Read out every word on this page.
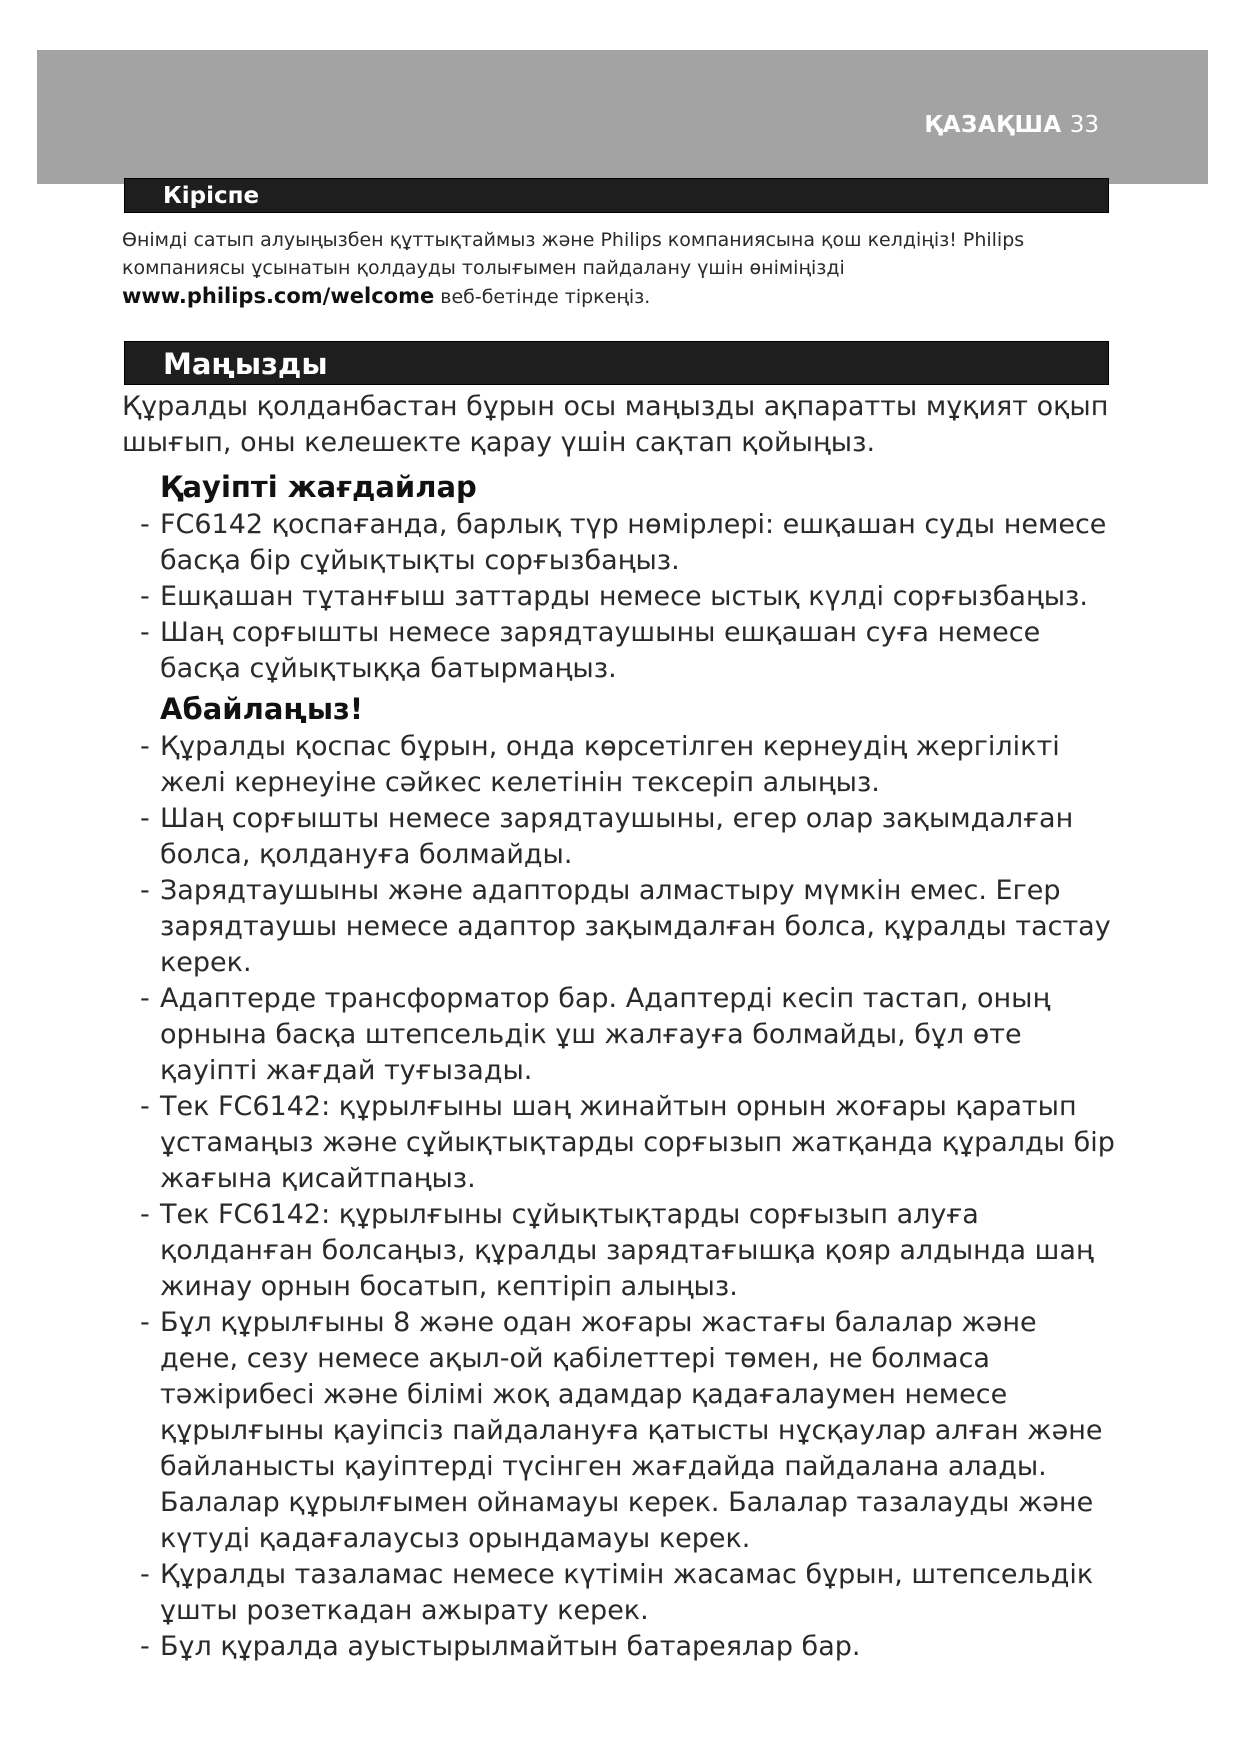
ҚАЗАҚША 33
Кіріспе

Өнімді сатып алуыңызбен құттықтаймыз және Philips компаниясына қош келдіңіз! Philips компаниясы ұсынатын қолдауды толығымен пайдалану үшін өніміңізді www.philips.com/welcome веб-бетінде тіркеңіз.

Маңызды

Құралды қолданбастан бұрын осы маңызды ақпаратты мұқият оқып шығып, оны келешекте қарау үшін сақтап қойыңыз.

Қауіпті жағдайлар
- FC6142 қоспағанда, барлық түр нөмірлері: ешқашан суды немесе басқа бір сұйықтықты сорғызбаңыз.
- Ешқашан тұтанғыш заттарды немесе ыстық күлді сорғызбаңыз.
- Шаң сорғышты немесе зарядтаушыны ешқашан суға немесе басқа сұйықтыққа батырмаңыз.
Абайлаңыз!
- Құралды қоспас бұрын, онда көрсетілген кернеудің жергілікті желі кернеуіне сәйкес келетінін тексеріп алыңыз.
- Шаң сорғышты немесе зарядтаушыны, егер олар зақымдалған болса, қолдануға болмайды.
- Зарядтаушыны және адапторды алмастыру мүмкін емес. Егер зарядтаушы немесе адаптор зақымдалған болса, құралды тастау керек.
- Адаптерде трансформатор бар. Адаптерді кесіп тастап, оның орнына басқа штепсельдік ұш жалғауға болмайды, бұл өте қауіпті жағдай туғызады.
- Тек FC6142: құрылғыны шаң жинайтын орнын жоғары қаратып ұстамаңыз және сұйықтықтарды сорғызып жатқанда құралды бір жағына қисайтпаңыз.
- Тек FC6142: құрылғыны сұйықтықтарды сорғызып алуға қолданған болсаңыз, құралды зарядтағышқа қояр алдында шаң жинау орнын босатып, кептіріп алыңыз.
- Бұл құрылғыны 8 және одан жоғары жастағы балалар және дене, сезу немесе ақыл-ой қабілеттері төмен, не болмаса тәжірибесі және білімі жоқ адамдар қадағалаумен немесе құрылғыны қауіпсіз пайдалануға қатысты нұсқаулар алған және байланысты қауіптерді түсінген жағдайда пайдалана алады. Балалар құрылғымен ойнамауы керек. Балалар тазалауды және күтуді қадағалаусыз орындамауы керек.
- Құралды тазаламас немесе күтімін жасамас бұрын, штепсельдік ұшты розеткадан ажырату керек.
- Бұл құралда ауыстырылмайтын батареялар бар.
